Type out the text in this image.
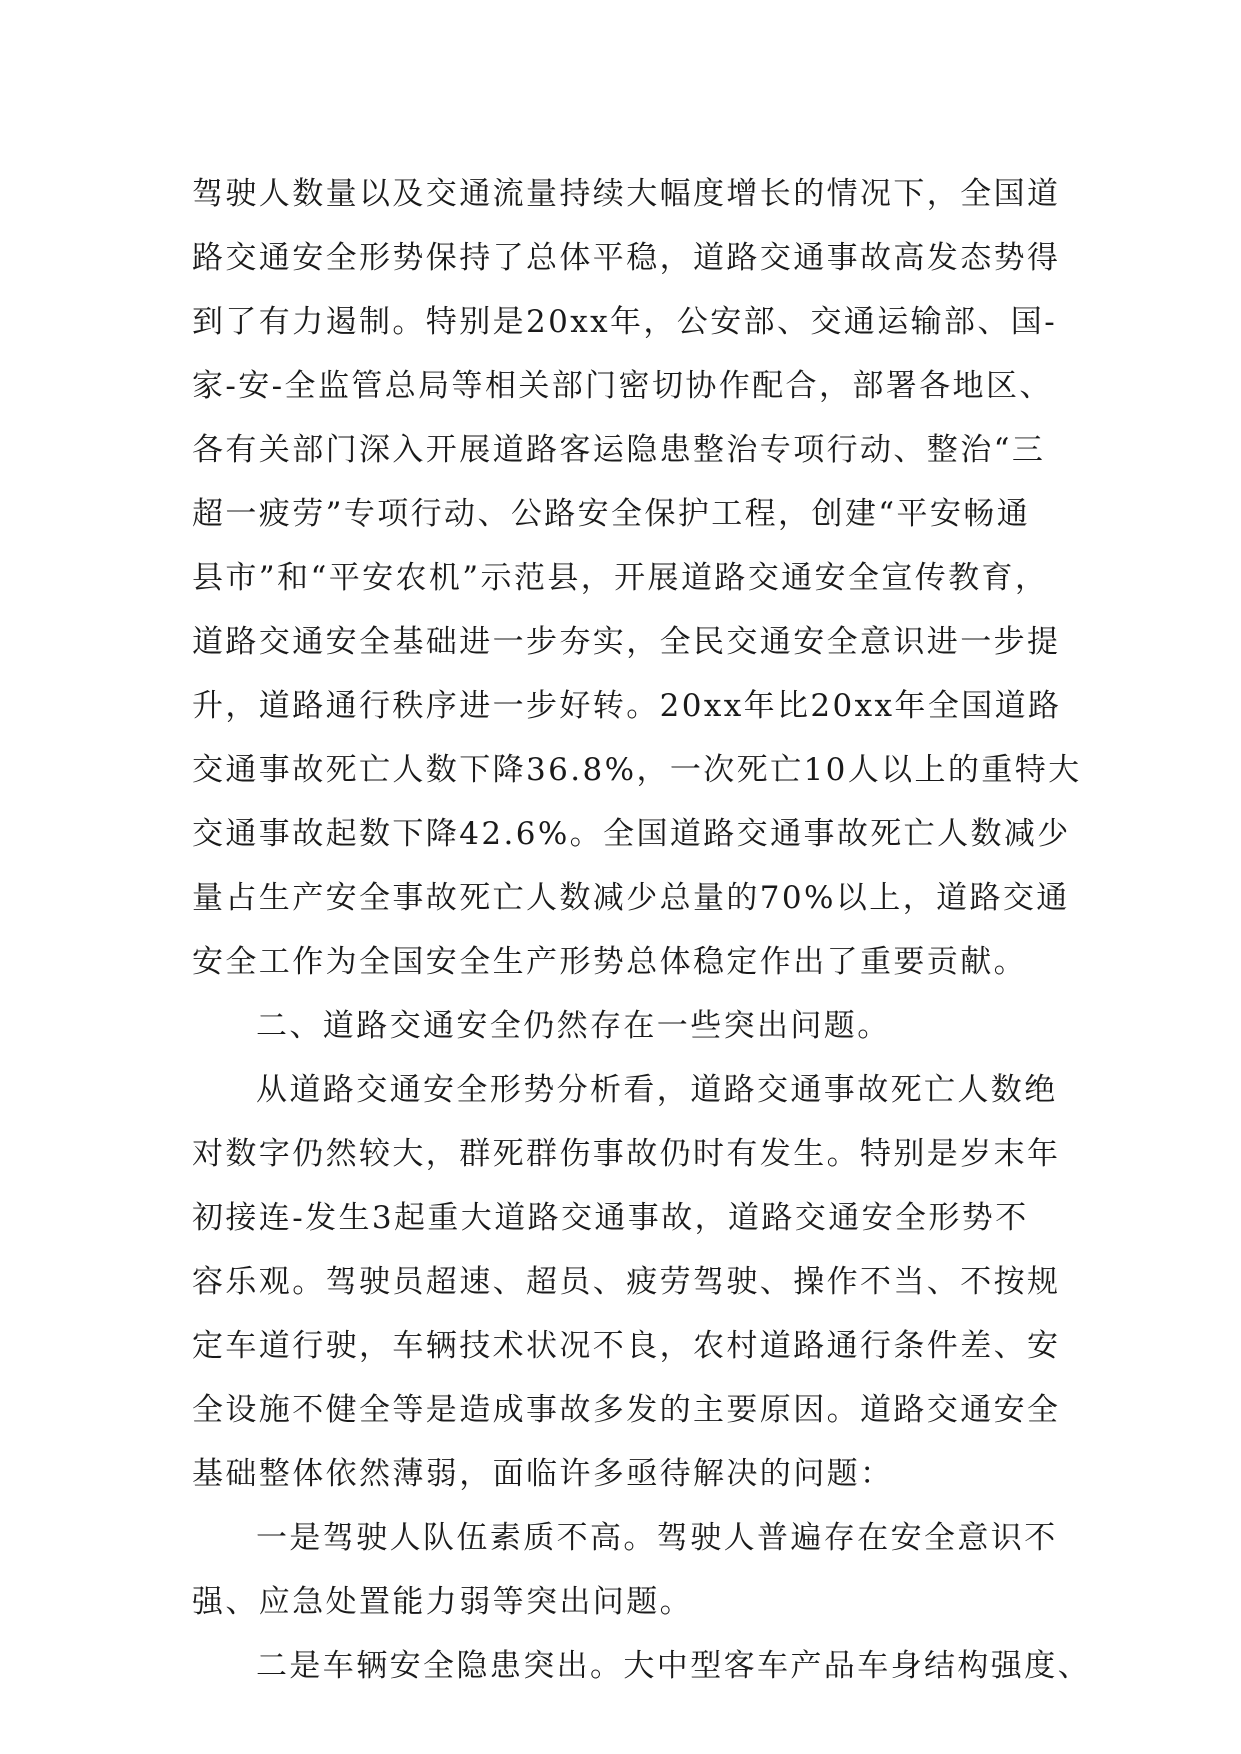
驾驶人数量以及交通流量持续大幅度增长的情况下，全国道
路交通安全形势保持了总体平稳，道路交通事故高发态势得
到了有力遏制。特别是20xx年，公安部、交通运输部、国-
家-安-全监管总局等相关部门密切协作配合，部署各地区、
各有关部门深入开展道路客运隐患整治专项行动、整治“三
超一疲劳”专项行动、公路安全保护工程，创建“平安畅通
县市”和“平安农机”示范县，开展道路交通安全宣传教育，
道路交通安全基础进一步夯实，全民交通安全意识进一步提
升，道路通行秩序进一步好转。20xx年比20xx年全国道路
交通事故死亡人数下降36.8%，一次死亡10人以上的重特大
交通事故起数下降42.6%。全国道路交通事故死亡人数减少
量占生产安全事故死亡人数减少总量的70%以上，道路交通
安全工作为全国安全生产形势总体稳定作出了重要贡献。
二、道路交通安全仍然存在一些突出问题。
从道路交通安全形势分析看，道路交通事故死亡人数绝
对数字仍然较大，群死群伤事故仍时有发生。特别是岁末年
初接连-发生3起重大道路交通事故，道路交通安全形势不
容乐观。驾驶员超速、超员、疲劳驾驶、操作不当、不按规
定车道行驶，车辆技术状况不良，农村道路通行条件差、安
全设施不健全等是造成事故多发的主要原因。道路交通安全
基础整体依然薄弱，面临许多亟待解决的问题：
一是驾驶人队伍素质不高。驾驶人普遍存在安全意识不
强、应急处置能力弱等突出问题。
二是车辆安全隐患突出。大中型客车产品车身结构强度、
